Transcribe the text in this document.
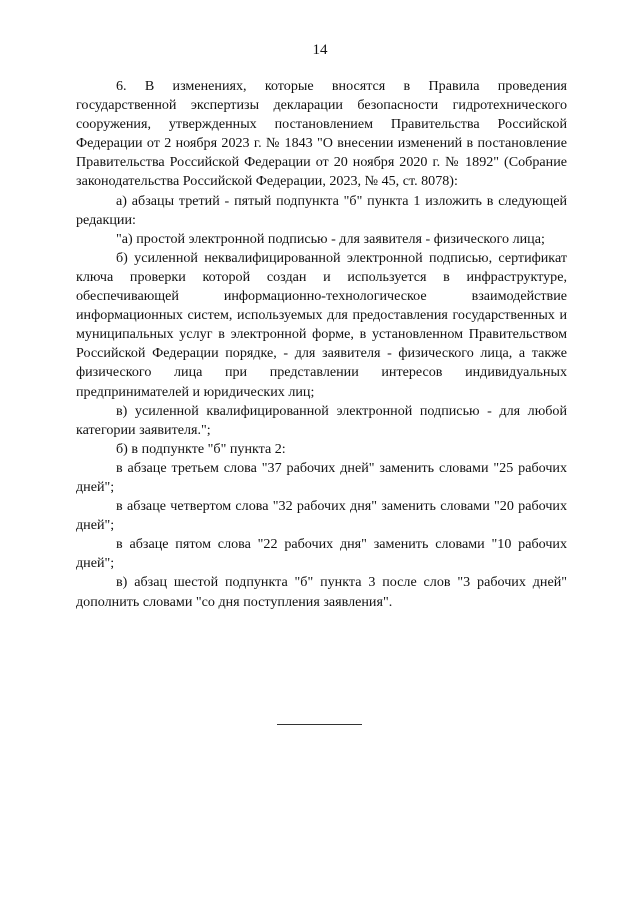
14

6. В изменениях, которые вносятся в Правила проведения государственной экспертизы декларации безопасности гидротехнического сооружения, утвержденных постановлением Правительства Российской Федерации от 2 ноября 2023 г. № 1843 "О внесении изменений в постановление Правительства Российской Федерации от 20 ноября 2020 г. № 1892" (Собрание законодательства Российской Федерации, 2023, № 45, ст. 8078):

а) абзацы третий - пятый подпункта "б" пункта 1 изложить в следующей редакции:

"а) простой электронной подписью - для заявителя - физического лица;

б) усиленной неквалифицированной электронной подписью, сертификат ключа проверки которой создан и используется в инфраструктуре, обеспечивающей информационно-технологическое взаимодействие информационных систем, используемых для предоставления государственных и муниципальных услуг в электронной форме, в установленном Правительством Российской Федерации порядке, - для заявителя - физического лица, а также физического лица при представлении интересов индивидуальных предпринимателей и юридических лиц;

в) усиленной квалифицированной электронной подписью - для любой категории заявителя.";

б) в подпункте "б" пункта 2:

в абзаце третьем слова "37 рабочих дней" заменить словами "25 рабочих дней";

в абзаце четвертом слова "32 рабочих дня" заменить словами "20 рабочих дней";

в абзаце пятом слова "22 рабочих дня" заменить словами "10 рабочих дней";

в) абзац шестой подпункта "б" пункта 3 после слов "3 рабочих дней" дополнить словами "со дня поступления заявления".
